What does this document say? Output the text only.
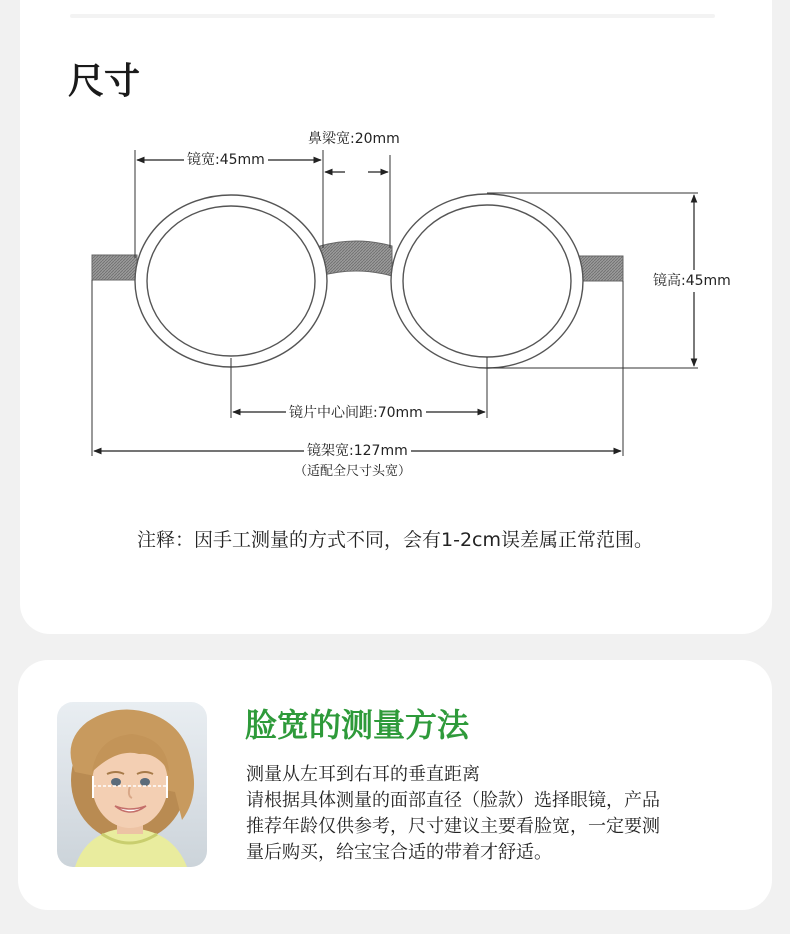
尺寸
鼻梁宽:20mm
镜宽:45mm
镜高:45mm
镜片中心间距:70mm
镜架宽:127mm
（适配全尺寸头宽）
注释：因手工测量的方式不同，会有1-2cm误差属正常范围。
脸宽的测量方法

测量从左耳到右耳的垂直距离

请根据具体测量的面部直径（脸款）选择眼镜，产品

推荐年龄仅供参考，尺寸建议主要看脸宽，一定要测

量后购买，给宝宝合适的带着才舒适。
